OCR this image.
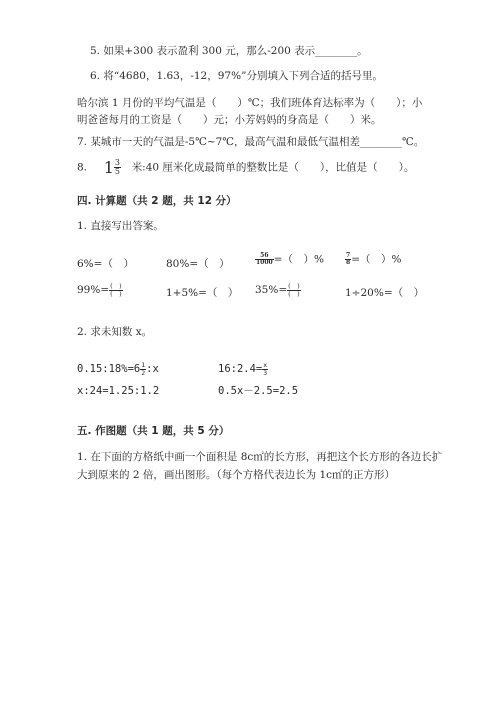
5. 如果+300 表示盈利 300 元，那么-200 表示________。
6. 将“4680，1.63，-12，97%”分别填入下列合适的括号里。
哈尔滨 1 月份的平均气温是（　　）℃；我们班体育达标率为（　　）；小
明爸爸每月的工资是（　　）元；小芳妈妈的身高是（　　）米。
7. 某城市一天的气温是-5℃~7℃，最高气温和最低气温相差________℃。
8. $1 \frac{3}{5}$ 米:40 厘米化成最简单的整数比是（　　），比值是（　　）。
四. 计算题（共 2 题，共 12 分）
1. 直接写出答案。
6%=（　）	80%=（　）	$\frac{56}{1000}$ =（　）%	$\frac{7}{8}$ =（　）%
$99\%= \frac{( )}{( )}$	1+5%=（　） $35\%= \frac{( )}{( )}$	1÷20%=（　）
2. 求未知数 x。
0.15:18%=6 $\frac{1}{2}$ :x	16:2.4= $\frac{x}{3}$
x:24=1.25:1.2	0.5x－2.5=2.5
五. 作图题（共 1 题，共 5 分）
1. 在下面的方格纸中画一个面积是 8c㎡的长方形，再把这个长方形的各边长扩
大到原来的 2 倍，画出图形。（每个方格代表边长为 1c㎡的正方形）
